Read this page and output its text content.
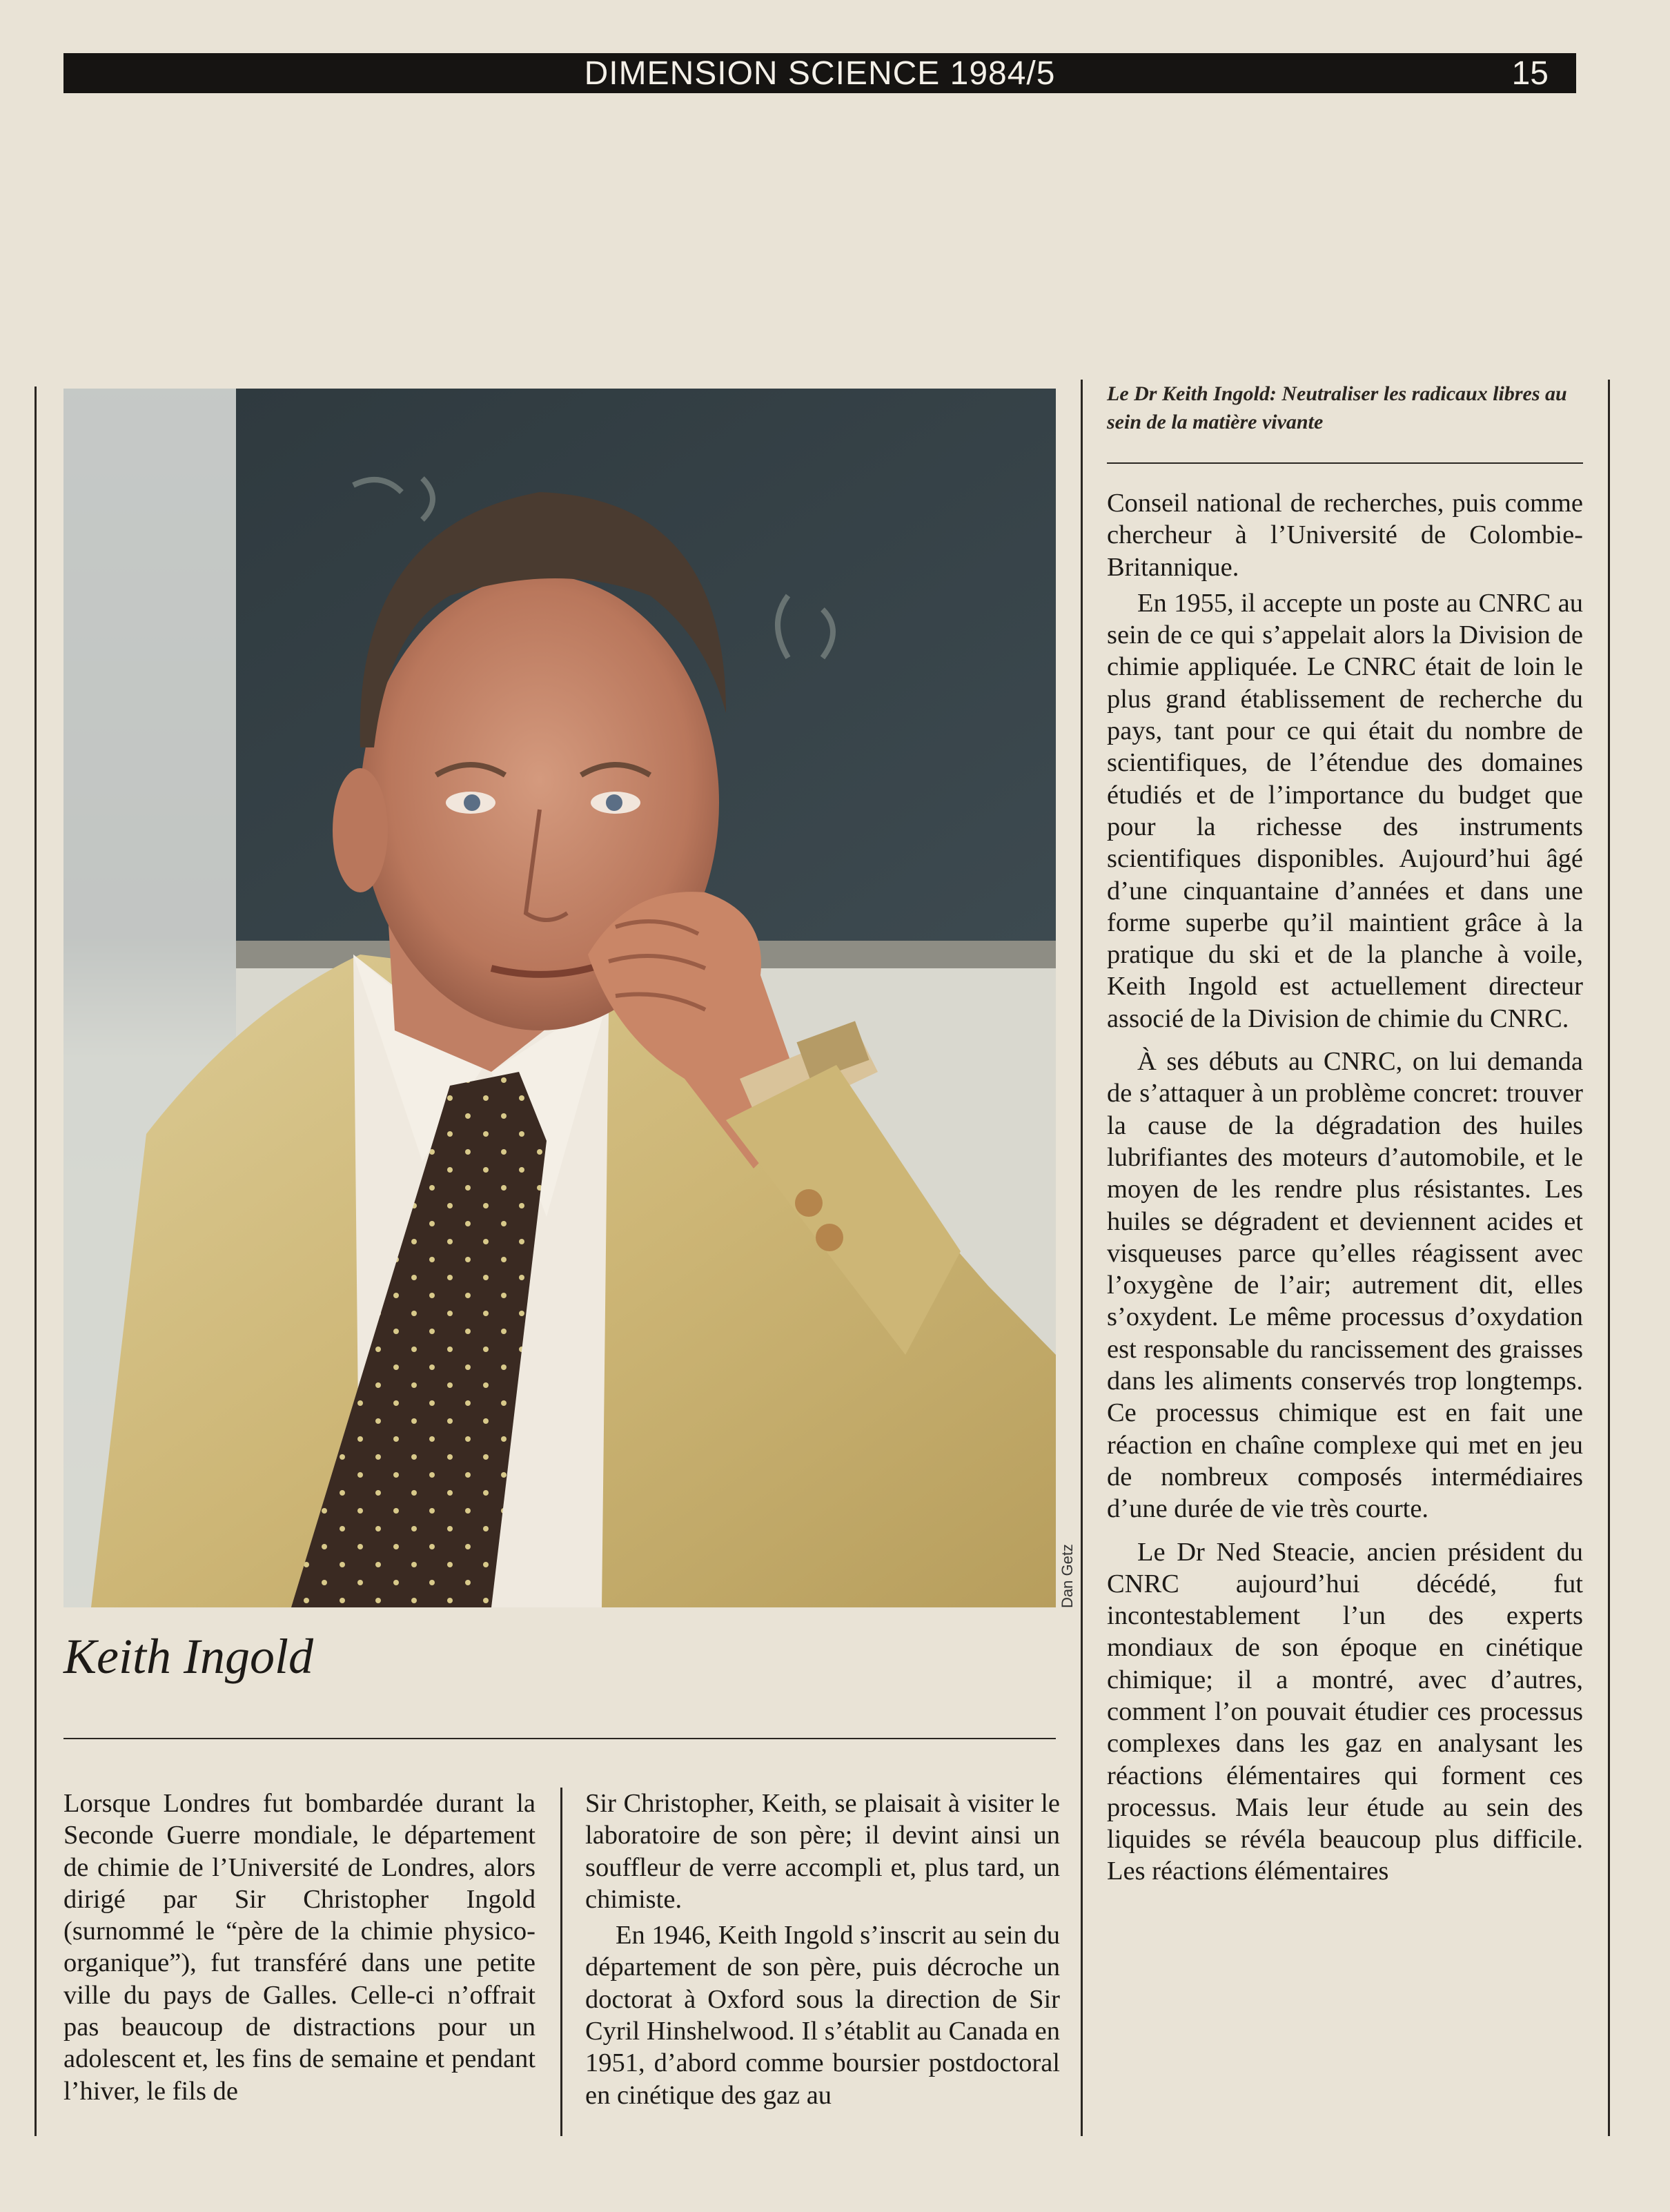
DIMENSION SCIENCE 1984/5	15
Dan Getz
Le Dr Keith Ingold: Neutraliser les radicaux libres au sein de la matière vivante
Keith Ingold

Lorsque Londres fut bombardée durant la Seconde Guerre mondiale, le département de chimie de l’Université de Londres, alors dirigé par Sir Christopher Ingold (surnommé le “père de la chimie physico-organique”), fut transféré dans une petite ville du pays de Galles. Celle-ci n’offrait pas beaucoup de distractions pour un adolescent et, les fins de semaine et pendant l’hiver, le fils de

Sir Christopher, Keith, se plaisait à visiter le laboratoire de son père; il devint ainsi un souffleur de verre accompli et, plus tard, un chimiste.

En 1946, Keith Ingold s’inscrit au sein du département de son père, puis décroche un doctorat à Oxford sous la direction de Sir Cyril Hinshelwood. Il s’établit au Canada en 1951, d’abord comme boursier postdoctoral en cinétique des gaz au

Conseil national de recherches, puis comme chercheur à l’Université de Colombie-Britannique.

En 1955, il accepte un poste au CNRC au sein de ce qui s’appelait alors la Division de chimie appliquée. Le CNRC était de loin le plus grand établissement de recherche du pays, tant pour ce qui était du nombre de scientifiques, de l’étendue des domaines étudiés et de l’importance du budget que pour la richesse des instruments scientifiques disponibles. Aujourd’hui âgé d’une cinquantaine d’années et dans une forme superbe qu’il maintient grâce à la pratique du ski et de la planche à voile, Keith Ingold est actuellement directeur associé de la Division de chimie du CNRC.

À ses débuts au CNRC, on lui demanda de s’attaquer à un problème concret: trouver la cause de la dégradation des huiles lubrifiantes des moteurs d’automobile, et le moyen de les rendre plus résistantes. Les huiles se dégradent et deviennent acides et visqueuses parce qu’elles réagissent avec l’oxygène de l’air; autrement dit, elles s’oxydent. Le même processus d’oxydation est responsable du rancissement des graisses dans les aliments conservés trop longtemps. Ce processus chimique est en fait une réaction en chaîne complexe qui met en jeu de nombreux composés intermédiaires d’une durée de vie très courte.

Le Dr Ned Steacie, ancien président du CNRC aujourd’hui décédé, fut incontestablement l’un des experts mondiaux de son époque en cinétique chimique; il a montré, avec d’autres, comment l’on pouvait étudier ces processus complexes dans les gaz en analysant les réactions élémentaires qui forment ces processus. Mais leur étude au sein des liquides se révéla beaucoup plus difficile. Les réactions élémentaires
